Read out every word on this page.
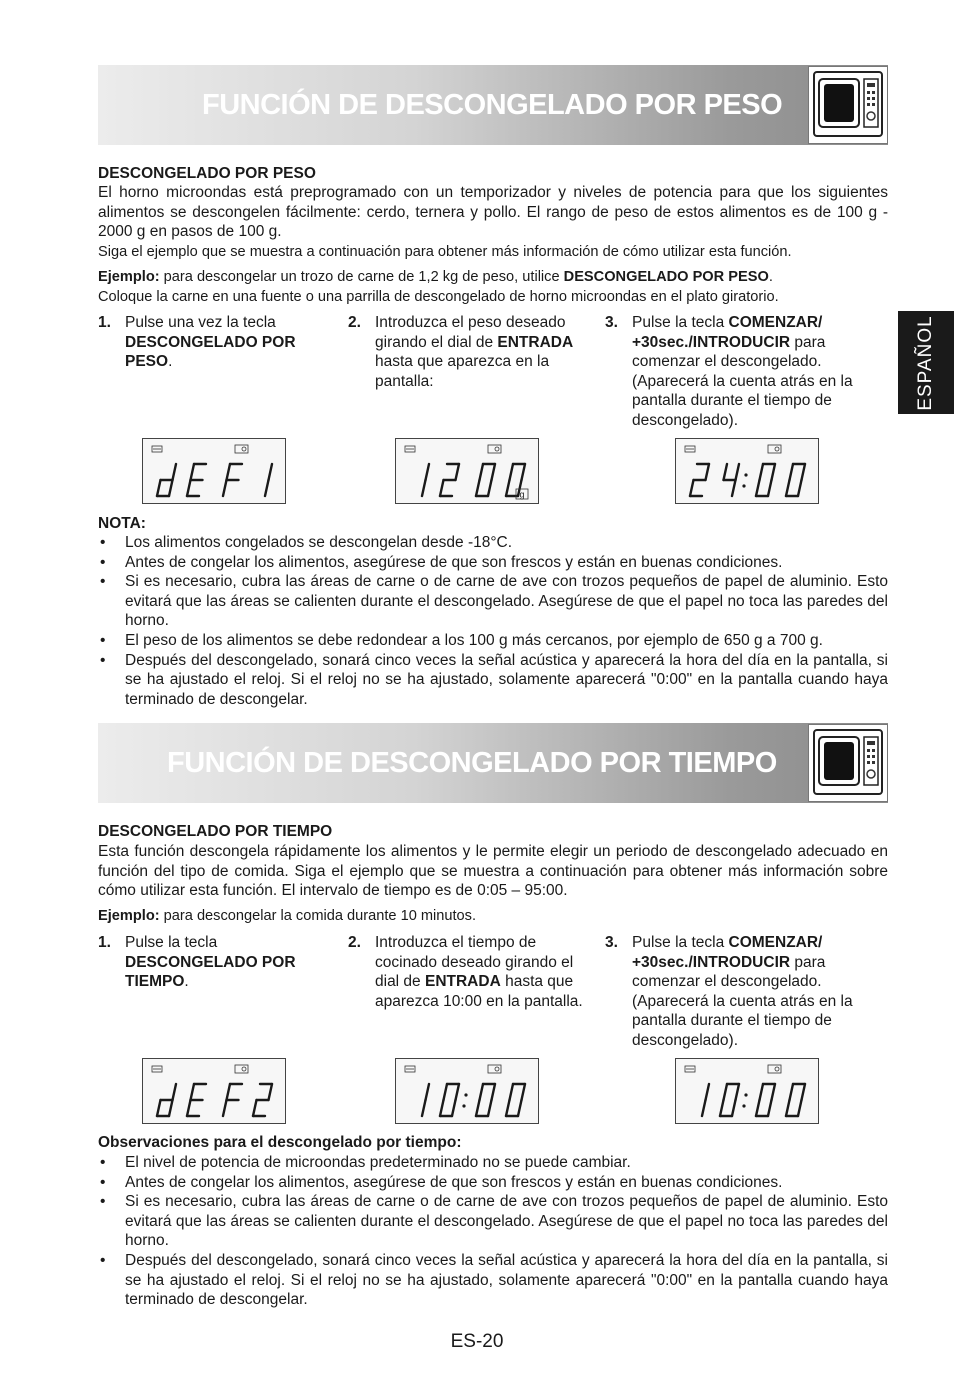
ESPAÑOL
FUNCIÓN DE DESCONGELADO POR PESO
DESCONGELADO POR PESO
El horno microondas está preprogramado con un temporizador y niveles de potencia para que los siguientes alimentos se descongelen fácilmente: cerdo, ternera y pollo. El rango de peso de estos alimentos es de 100 g - 2000 g en pasos de 100 g.
Siga el ejemplo que se muestra a continuación para obtener más información de cómo utilizar esta función.
Ejemplo: para descongelar un trozo de carne de 1,2 kg de peso, utilice DESCONGELADO POR PESO.
Coloque la carne en una fuente o una parrilla de descongelado de horno microondas en el plato giratorio.
1. Pulse una vez la tecla DESCONGELADO POR PESO.
2. Introduzca el peso deseado girando el dial de ENTRADA hasta que aparezca en la pantalla:
3. Pulse la tecla COMENZAR/ +30sec./INTRODUCIR para comenzar el descongelado. (Aparecerá la cuenta atrás en la pantalla durante el tiempo de descongelado).
g
NOTA:
• Los alimentos congelados se descongelan desde -18°C.
• Antes de congelar los alimentos, asegúrese de que son frescos y están en buenas condiciones.
• Si es necesario, cubra las áreas de carne o de carne de ave con trozos pequeños de papel de aluminio. Esto evitará que las áreas se calienten durante el descongelado. Asegúrese de que el papel no toca las paredes del horno.
• El peso de los alimentos se debe redondear a los 100 g más cercanos, por ejemplo de 650 g a 700 g.
• Después del descongelado, sonará cinco veces la señal acústica y aparecerá la hora del día en la pantalla, si se ha ajustado el reloj. Si el reloj no se ha ajustado, solamente aparecerá "0:00" en la pantalla cuando haya terminado de descongelar.
FUNCIÓN DE DESCONGELADO POR TIEMPO
DESCONGELADO POR TIEMPO
Esta función descongela rápidamente los alimentos y le permite elegir un periodo de descongelado adecuado en función del tipo de comida. Siga el ejemplo que se muestra a continuación para obtener más información sobre cómo utilizar esta función. El intervalo de tiempo es de 0:05 – 95:00.
Ejemplo: para descongelar la comida durante 10 minutos.
1. Pulse la tecla DESCONGELADO POR TIEMPO.
2. Introduzca el tiempo de cocinado deseado girando el dial de ENTRADA hasta que aparezca 10:00 en la pantalla.
3. Pulse la tecla COMENZAR/ +30sec./INTRODUCIR para comenzar el descongelado. (Aparecerá la cuenta atrás en la pantalla durante el tiempo de descongelado).
Observaciones para el descongelado por tiempo:
• El nivel de potencia de microondas predeterminado no se puede cambiar.
• Antes de congelar los alimentos, asegúrese de que son frescos y están en buenas condiciones.
• Si es necesario, cubra las áreas de carne o de carne de ave con trozos pequeños de papel de aluminio. Esto evitará que las áreas se calienten durante el descongelado. Asegúrese de que el papel no toca las paredes del horno.
• Después del descongelado, sonará cinco veces la señal acústica y aparecerá la hora del día en la pantalla, si se ha ajustado el reloj. Si el reloj no se ha ajustado, solamente aparecerá "0:00" en la pantalla cuando haya terminado de descongelar.
ES-20
